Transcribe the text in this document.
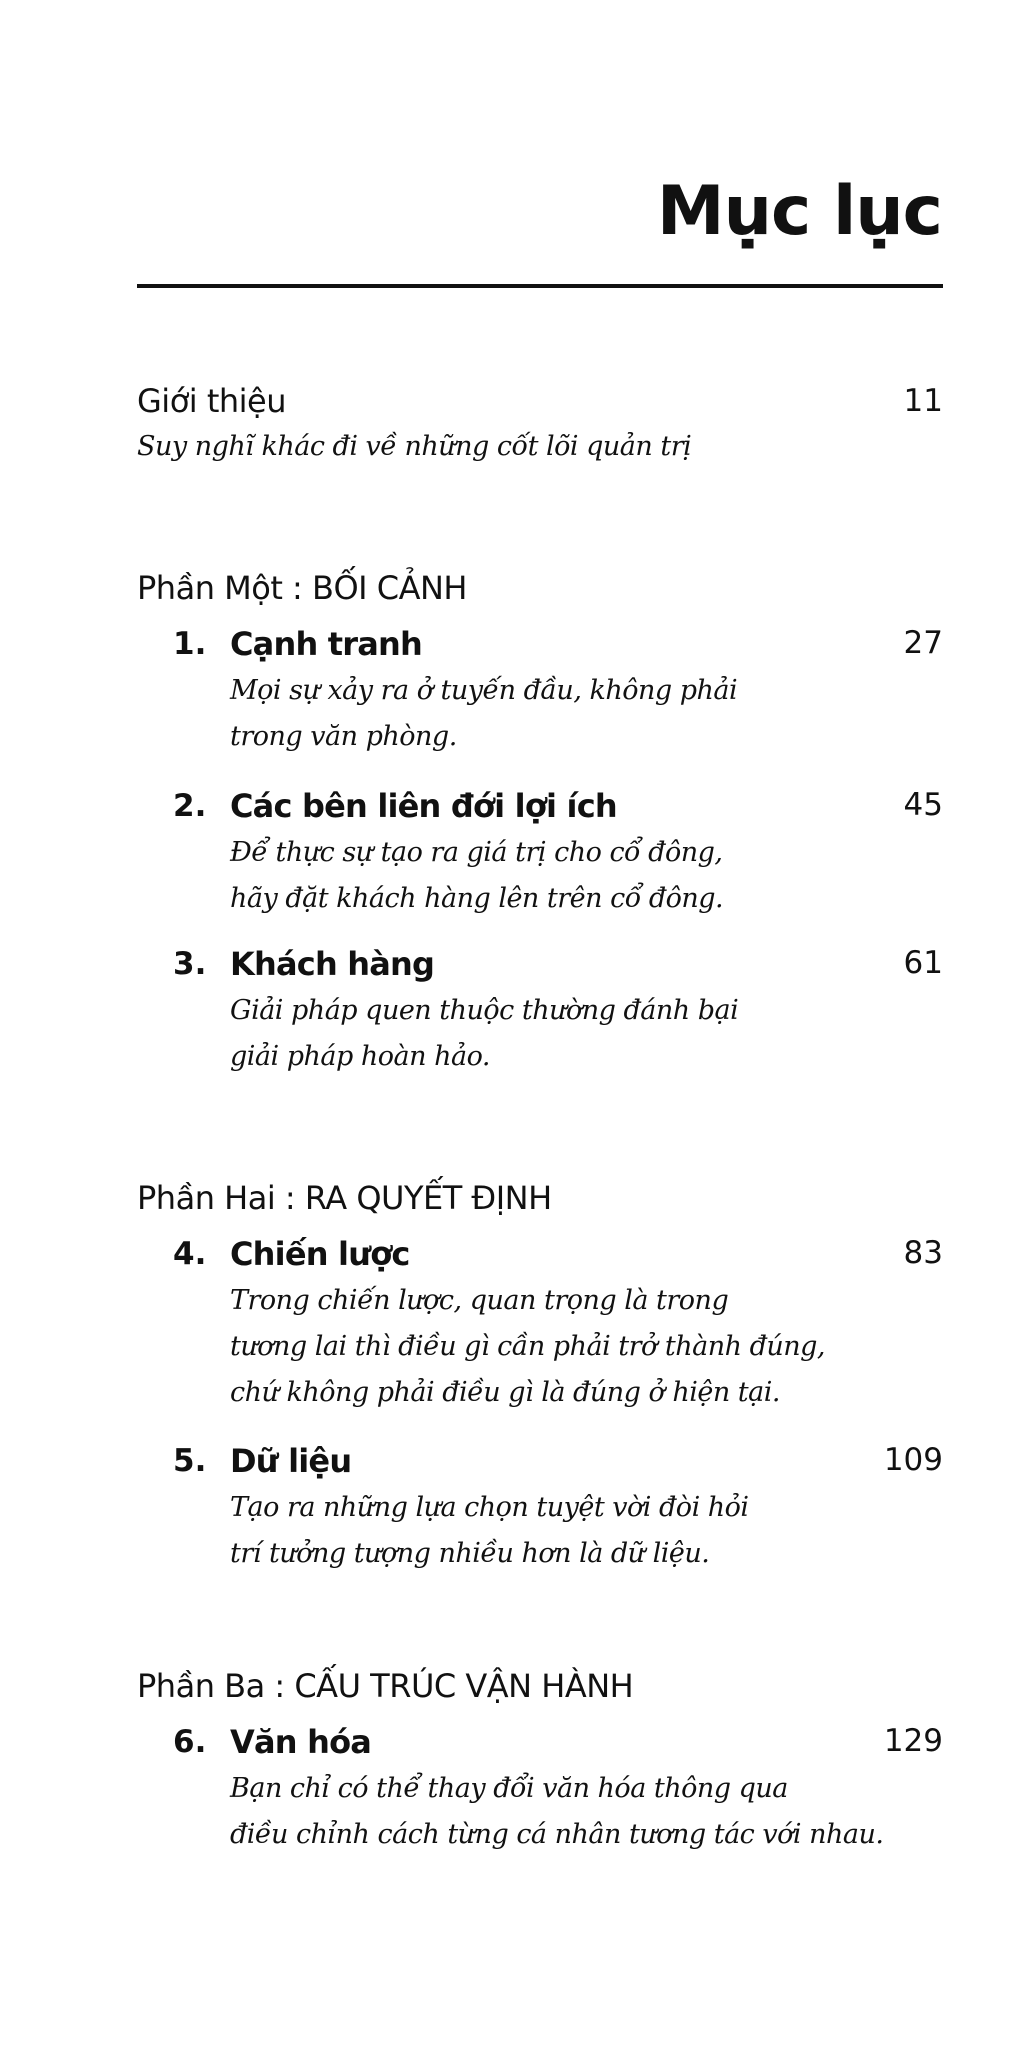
Mục lục
Giới thiệu	11
Suy nghĩ khác đi về những cốt lõi quản trị
Phần Một : BỐI CẢNH
1. Cạnh tranh	27
Mọi sự xảy ra ở tuyến đầu, không phải
trong văn phòng.
2. Các bên liên đới lợi ích	45
Để thực sự tạo ra giá trị cho cổ đông,
hãy đặt khách hàng lên trên cổ đông.
3. Khách hàng	61
Giải pháp quen thuộc thường đánh bại
giải pháp hoàn hảo.
Phần Hai : RA QUYẾT ĐỊNH
4. Chiến lược	83
Trong chiến lược, quan trọng là trong
tương lai thì điều gì cần phải trở thành đúng,
chứ không phải điều gì là đúng ở hiện tại.
5. Dữ liệu	109
Tạo ra những lựa chọn tuyệt vời đòi hỏi
trí tưởng tượng nhiều hơn là dữ liệu.
Phần Ba : CẤU TRÚC VẬN HÀNH
6. Văn hóa	129
Bạn chỉ có thể thay đổi văn hóa thông qua
điều chỉnh cách từng cá nhân tương tác với nhau.
